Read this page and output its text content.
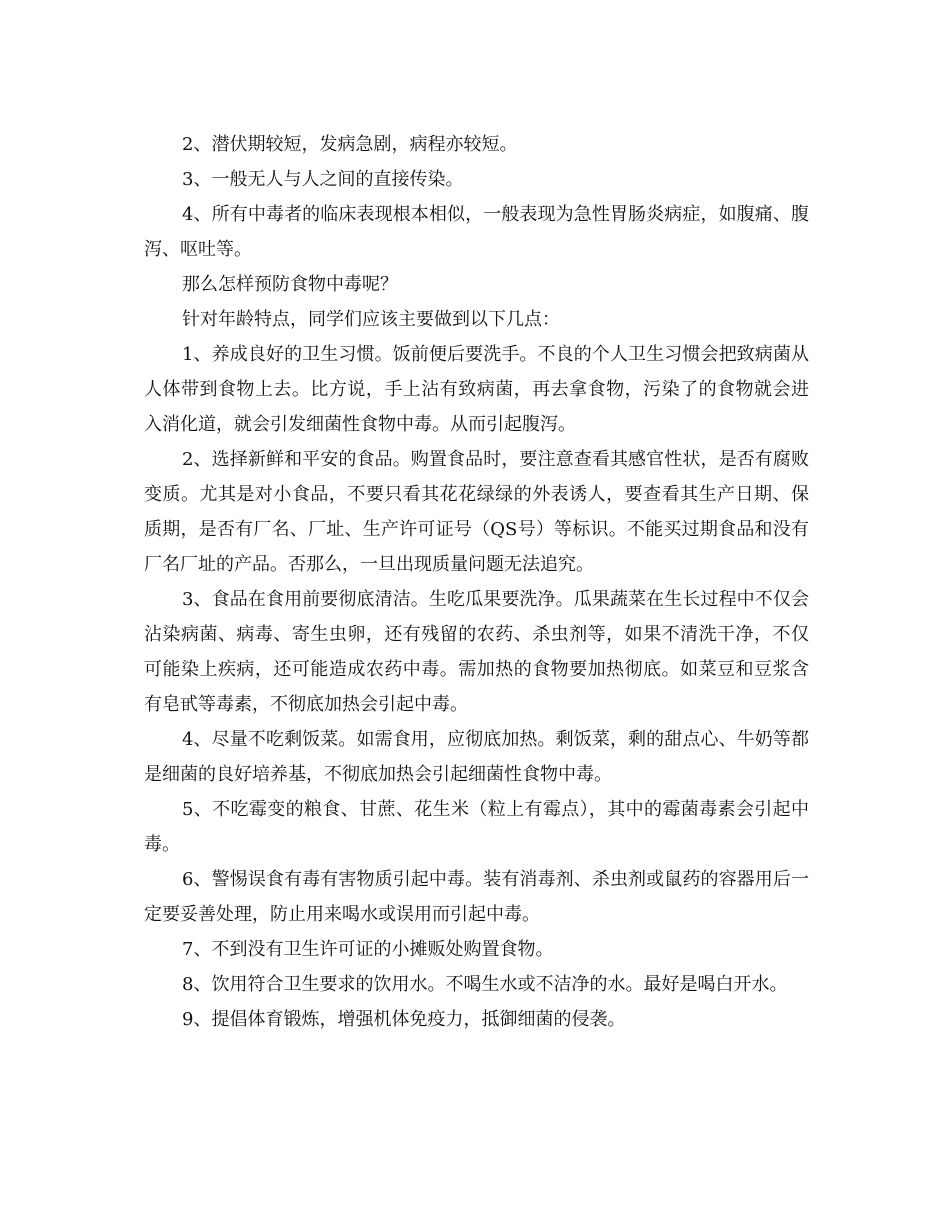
2、潜伏期较短，发病急剧，病程亦较短。

3、一般无人与人之间的直接传染。

4、所有中毒者的临床表现根本相似，一般表现为急性胃肠炎病症，如腹痛、腹泻、呕吐等。

那么怎样预防食物中毒呢？

针对年龄特点，同学们应该主要做到以下几点：

1、养成良好的卫生习惯。饭前便后要洗手。不良的个人卫生习惯会把致病菌从人体带到食物上去。比方说，手上沾有致病菌，再去拿食物，污染了的食物就会进入消化道，就会引发细菌性食物中毒。从而引起腹泻。

2、选择新鲜和平安的食品。购置食品时，要注意查看其感官性状，是否有腐败变质。尤其是对小食品，不要只看其花花绿绿的外表诱人，要查看其生产日期、保质期，是否有厂名、厂址、生产许可证号（QS号）等标识。不能买过期食品和没有厂名厂址的产品。否那么，一旦出现质量问题无法追究。

3、食品在食用前要彻底清洁。生吃瓜果要洗净。瓜果蔬菜在生长过程中不仅会沾染病菌、病毒、寄生虫卵，还有残留的农药、杀虫剂等，如果不清洗干净，不仅可能染上疾病，还可能造成农药中毒。需加热的食物要加热彻底。如菜豆和豆浆含有皂甙等毒素，不彻底加热会引起中毒。

4、尽量不吃剩饭菜。如需食用，应彻底加热。剩饭菜，剩的甜点心、牛奶等都是细菌的良好培养基，不彻底加热会引起细菌性食物中毒。

5、不吃霉变的粮食、甘蔗、花生米（粒上有霉点），其中的霉菌毒素会引起中毒。

6、警惕误食有毒有害物质引起中毒。装有消毒剂、杀虫剂或鼠药的容器用后一定要妥善处理，防止用来喝水或误用而引起中毒。

7、不到没有卫生许可证的小摊贩处购置食物。

8、饮用符合卫生要求的饮用水。不喝生水或不洁净的水。最好是喝白开水。

9、提倡体育锻炼，增强机体免疫力，抵御细菌的侵袭。
